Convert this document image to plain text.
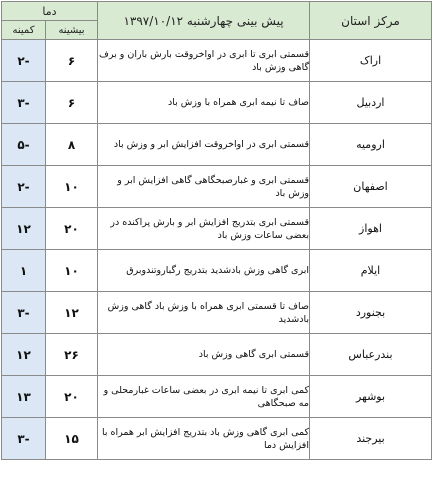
مرکز استان	پیش بینی چهارشنبه ۱۳۹۷/۱۰/۱۲	دما	
		بیشینه	کمینه
اراک	قسمتی ابری تا ابری در اواخروقت بارش باران و برف گاهی وزش باد	۶	-۲
اردبیل	صاف تا نیمه ابری همراه با وزش باد	۶	-۳
ارومیه	قسمتی ابری در اواخروقت افزایش ابر و وزش باد	۸	-۵
اصفهان	قسمتی ابری و غبارصبحگاهی گاهی افزایش ابر و وزش باد	۱۰	-۲
اهواز	قسمتی ابری بتدریج افزایش ابر و بارش پراکنده در بعضی ساعات وزش باد	۲۰	۱۲
ایلام	ابری گاهی وزش بادشدید بتدریج رگباروتندوبرق	۱۰	۱
بجنورد	صاف تا قسمتی ابری همراه با وزش باد گاهی وزش بادشدید	۱۲	-۳
بندرعباس	قسمتی ابری گاهی وزش باد	۲۶	۱۲
بوشهر	کمی ابری تا نیمه ابری در بعضی ساعات غبارمحلی و مه صبحگاهی	۲۰	۱۳
بیرجند	کمی ابری گاهی وزش باد بتدریج افزایش ابر همراه با افزایش دما	۱۵	-۳
